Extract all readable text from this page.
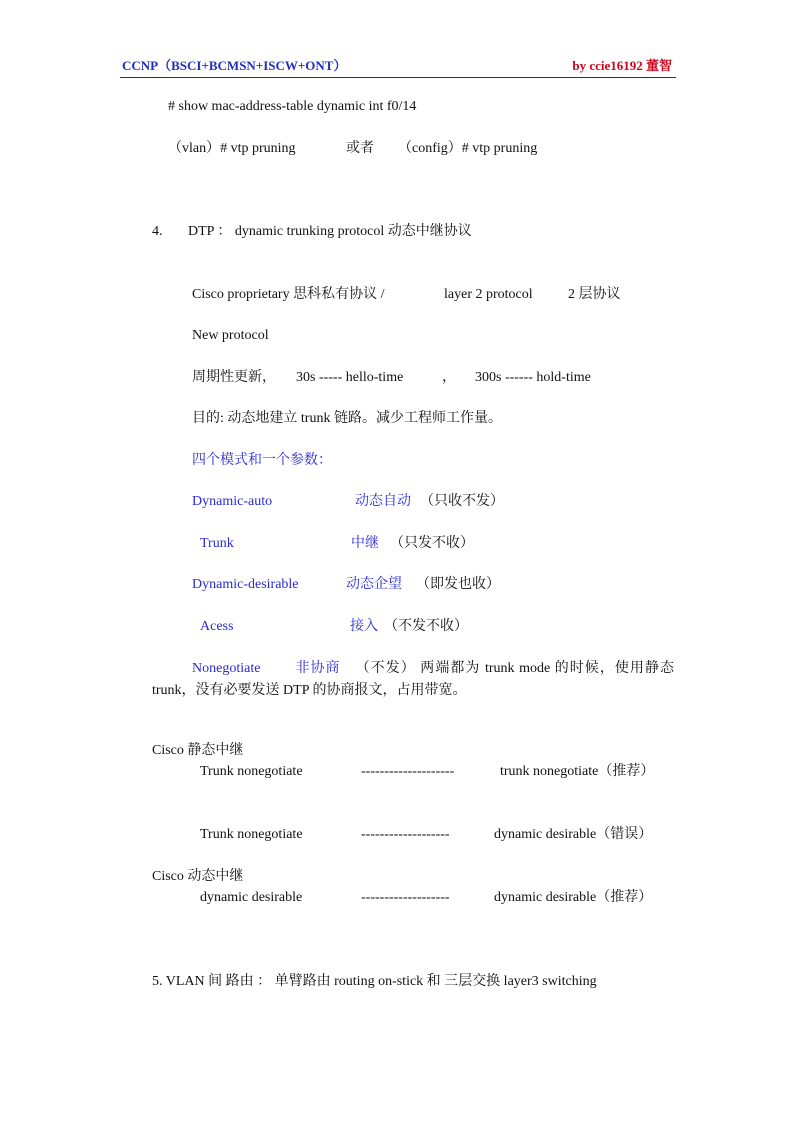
CCNP（BSCI+BCMSN+ISCW+ONT）	by ccie16192 董智
# show mac-address-table dynamic int f0/14
（vlan）# vtp pruning	或者 （config）# vtp pruning
4. DTP ： dynamic trunking protocol 动态中继协议
Cisco proprietary 思科私有协议 /	layer 2 protocol	2 层协议
New protocol
周期性更新， 30s ----- hello-time	， 300s ------ hold-time
目的: 动态地建立 trunk 链路。减少工程师工作量。
四个模式和一个参数：
Dynamic-auto	动态自动 （只收不发）
Trunk	中继 （只发不收）
Dynamic-desirable	动态企望 （即发也收）
Acess	接入 （不发不收）
Nonegotiate 非协商 （不发） 两端都为 trunk mode 的时候，使用静态 trunk，没有必要发送 DTP 的协商报文，占用带宽。
Cisco 静态中继
Trunk nonegotiate	--------------------	trunk nonegotiate（推荐）
Trunk nonegotiate	-------------------	dynamic desirable（错误）
Cisco 动态中继
dynamic desirable	-------------------	dynamic desirable（推荐）
5. VLAN 间 路由 ： 单臂路由 routing on-stick 和 三层交换 layer3 switching
